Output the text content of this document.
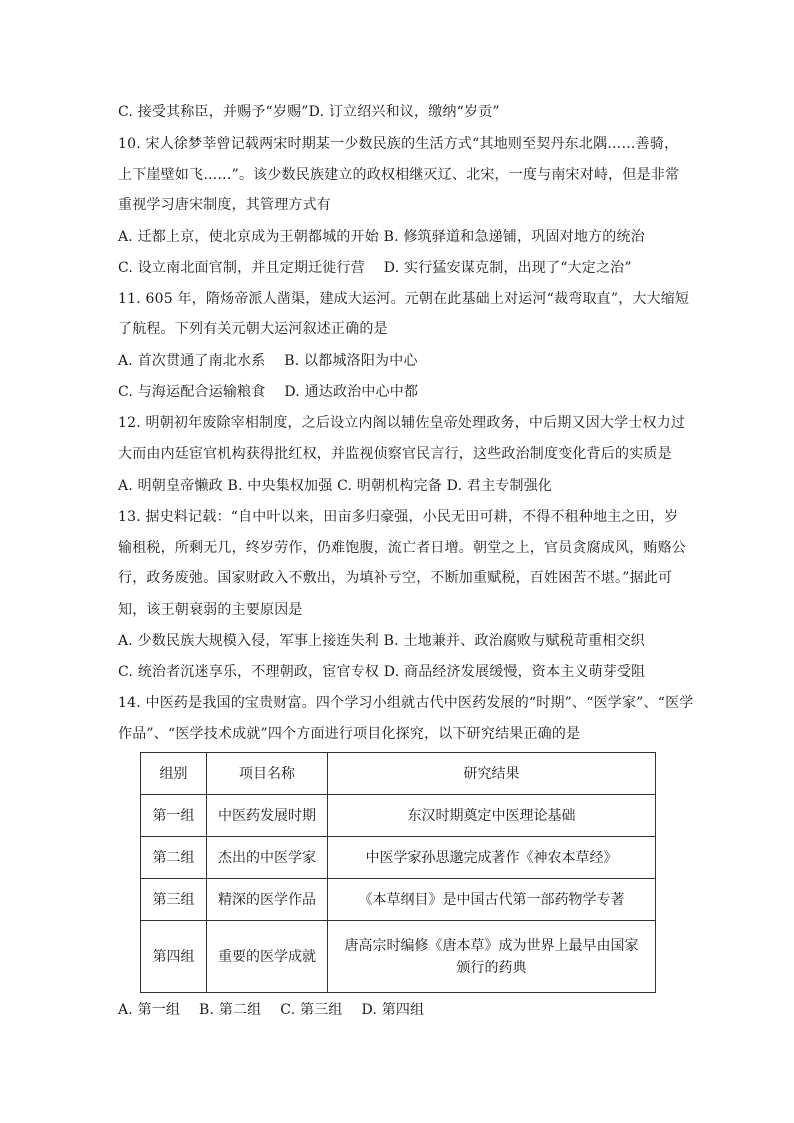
C. 接受其称臣，并赐予“岁赐”D. 订立绍兴和议，缴纳“岁贡”
10. 宋人徐梦莘曾记载两宋时期某一少数民族的生活方式“其地则至契丹东北隅……善骑，
上下崖壁如飞……”。该少数民族建立的政权相继灭辽、北宋，一度与南宋对峙，但是非常
重视学习唐宋制度，其管理方式有
A. 迁都上京，使北京成为王朝都城的开始 B. 修筑驿道和急递铺，巩固对地方的统治
C. 设立南北面官制，并且定期迁徙行营　 D. 实行猛安谋克制，出现了“大定之治”
11. 605 年，隋炀帝派人凿渠，建成大运河。元朝在此基础上对运河“裁弯取直”，大大缩短
了航程。下列有关元朝大运河叙述正确的是
A. 首次贯通了南北水系　 B. 以都城洛阳为中心
C. 与海运配合运输粮食　 D. 通达政治中心中都
12. 明朝初年废除宰相制度，之后设立内阁以辅佐皇帝处理政务，中后期又因大学士权力过
大而由内廷宦官机构获得批红权，并监视侦察官民言行，这些政治制度变化背后的实质是
A. 明朝皇帝懒政 B. 中央集权加强 C. 明朝机构完备 D. 君主专制强化
13. 据史料记载：“自中叶以来，田亩多归豪强，小民无田可耕，不得不租种地主之田，岁
输租税，所剩无几，终岁劳作，仍难饱腹，流亡者日增。朝堂之上，官员贪腐成风，贿赂公
行，政务废弛。国家财政入不敷出，为填补亏空，不断加重赋税，百姓困苦不堪。”据此可
知，该王朝衰弱的主要原因是
A. 少数民族大规模入侵，军事上接连失利 B. 土地兼并、政治腐败与赋税苛重相交织
C. 统治者沉迷享乐，不理朝政，宦官专权 D. 商品经济发展缓慢，资本主义萌芽受阻
14. 中医药是我国的宝贵财富。四个学习小组就古代中医药发展的“时期”、“医学家”、“医学
作品”、“医学技术成就”四个方面进行项目化探究，以下研究结果正确的是
组别	项目名称	研究结果
第一组	中医药发展时期	东汉时期奠定中医理论基础
第二组	杰出的中医学家	中医学家孙思邈完成著作《神农本草经》
第三组	精深的医学作品	《本草纲目》是中国古代第一部药物学专著
第四组	重要的医学成就	唐高宗时编修《唐本草》成为世界上最早由国家颁行的药典
A. 第一组　 B. 第二组　 C. 第三组　 D. 第四组
